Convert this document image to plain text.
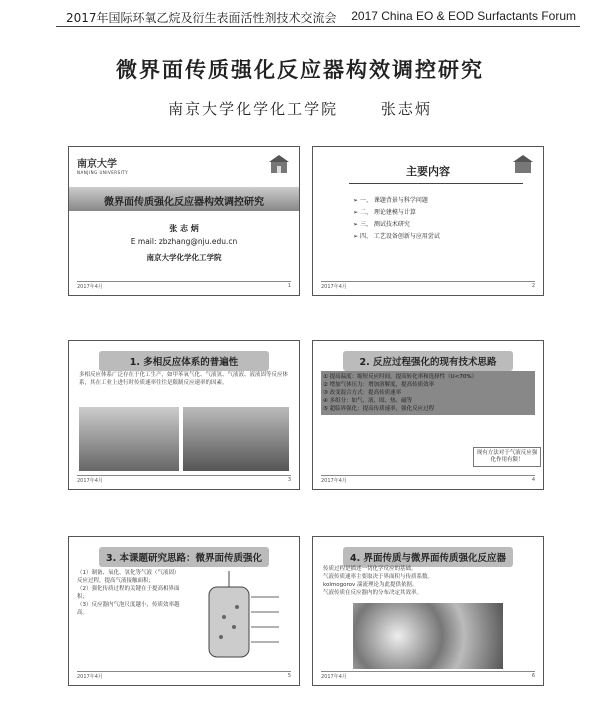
2017年国际环氧乙烷及衍生表面活性剂技术交流会 2017 China EO & EOD Surfactants Forum
微界面传质强化反应器构效调控研究
南京大学化学化工学院	张志炳
南京大学
NANJING UNIVERSITY
微界面传质强化反应器构效调控研究
张 志 炳
E mail: zbzhang@nju.edu.cn
南京大学化学化工学院
2017年4月	1
主要内容
➢ 一、 课题背景与科学问题
➢ 二、 理论建模与计算
➢ 三、 测试技术研究
➢ 四、 工艺设备创新与应用尝试
2017年4月	2
1. 多相反应体系的普遍性
多相反应体系广泛存在于化工生产，如甲苯氧气化、气液氢、气液液、液液固等反应体系，其在工业上进行时传质速率往往是限制反应速率的因素。
2017年4月	3
2. 反应过程强化的现有技术思路

① 提高温度：缩短反应时间，提高转化率和选择性（U<70%）

② 增加气体压力：增加溶解度，提高传质效率

③ 改变混合方式：提高传质速率

④ 多组分：如气、液、固、热、磁等

⑤ 超临界强化：提高传质速率，强化反应过程

现有方法对于气液反应强化作用有限！
2017年4月	4
3. 本课题研究思路：微界面传质强化

（1）制备、氧化、氢化等气液（气液固）反应过程，提高气液接触面积；

（2）强化传质过程的关键在于提高相界面积；

（3）反应器内气泡尺度越小，传质效率越高。

2017年4月	5
4. 界面传质与微界面传质强化反应器

传质过程是描述一切化学反应的基础。

气液传质速率主要取决于界面积与传质系数。

kolmogorov 湍流理论为此提供依据。

气液传质在反应器内的分布决定其效率。

2017年4月	6
